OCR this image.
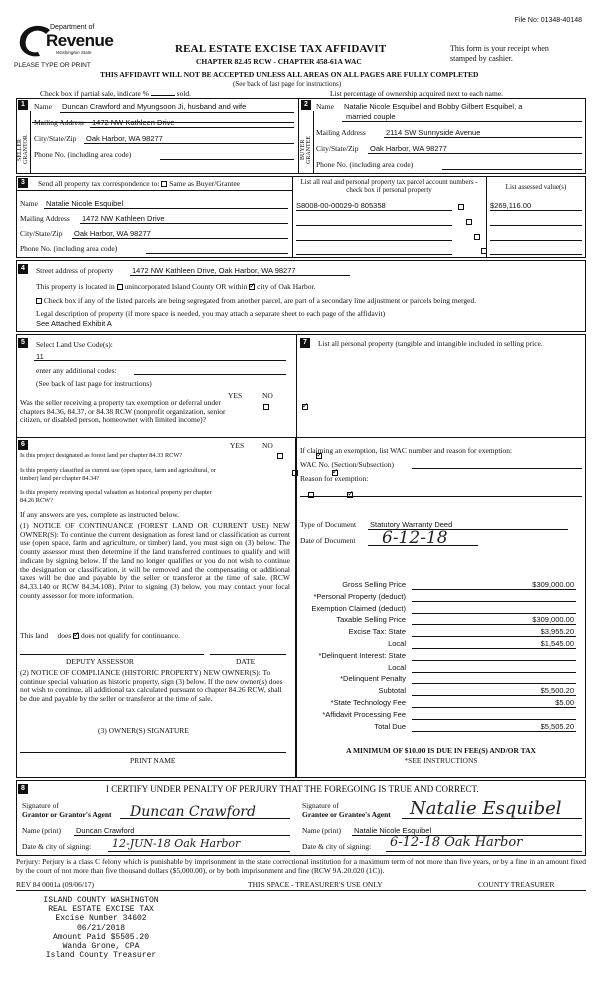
File No: 01348-40148
Department of
Revenue
Washington State
PLEASE TYPE OR PRINT
REAL ESTATE EXCISE TAX AFFIDAVIT
CHAPTER 82.45 RCW - CHAPTER 458-61A WAC
This form is your receipt when stamped by cashier.
THIS AFFIDAVIT WILL NOT BE ACCEPTED UNLESS ALL AREAS ON ALL PAGES ARE FULLY COMPLETED
(See back of last page for instructions)
Check box if partial sale, indicate %	sold.	List percentage of ownership acquired next to each name.
1
SELLER GRANTOR
Name Duncan Crawford and Myungsoon Ji, husband and wife
Mailing Address 1472 NW Kathleen Drive
City/State/Zip Oak Harbor, WA 98277
Phone No. (including area code)
2
BUYER GRANTEE
Name Natalie Nicole Esquibel and Bobby Gilbert Esquibel, a
married couple
Mailing Address	2114 SW Sunnyside Avenue
City/State/Zip Oak Harbor, WA 98277
Phone No. (including area code)
3	Send all property tax correspondence to: Same as Buyer/Grantee
Name Natalie Nicole Esquibel
Mailing Address 1472 NW Kathleen Drive
City/State/Zip Oak Harbor, WA 98277
Phone No. (including area code)
List all real and personal property tax parcel account numbers - check box if personal property	List assessed value(s)
S8008-00-00029-0 805358
	$269,116.00

4	Street address of property 1472 NW Kathleen Drive, Oak Harbor, WA 98277
This property is located in unincorporated Island County OR within ✓ city of Oak Harbor.
Check box if any of the listed parcels are being segregated from another parcel, are part of a secondary line adjustment or parcels being merged.
Legal description of property (if more space is needed, you may attach a separate sheet to each page of the affidavit)
See Attached Exhibit A
5	Select Land Use Code(s):
11
enter any additional codes:
(See back of last page for instructions)
YES	NO
Was the seller receiving a property tax exemption or deferral under chapters 84.36, 84.37, or 84.38 RCW (nonprofit organization, senior citizen, or disabled person, homeowner with limited income)?
✓
7	List all personal property (tangible and intangible included in selling price.
6	YES NO
Is this project designated as forest land per chapter 84.33 RCW?
✓
Is this property classified as current use (open space, farm and agricultural, or timber) land per chapter 84.34?
✓
Is this property receiving special valuation as historical property per chapter 84.26 RCW?
✓
If any answers are yes, complete as instructed below.
(1) NOTICE OF CONTINUANCE (FOREST LAND OR CURRENT USE) NEW OWNER(S): To continue the current designation as forest land or classification as current use (open space, farm and agriculture, or timber) land, you must sign on (3) below. The county assessor must then determine if the land transferred continues to qualify and will indicate by signing below. If the land no longer qualifies or you do not wish to continue the designation or classification, it will be removed and the compensating or additional taxes will be due and payable by the seller or transferor at the time of sale. (RCW 84.33.140 or RCW 84.34.108). Prior to signing (3) below, you may contact your local county assessor for more information.
This land does ✓ does not qualify for continuance.
DEPUTY ASSESSOR	DATE
(2) NOTICE OF COMPLIANCE (HISTORIC PROPERTY) NEW OWNER(S): To continue special valuation as historic property, sign (3) below. If the new owner(s) does not wish to continue, all additional tax calculated pursuant to chapter 84.26 RCW, shall be due and payable by the seller or transferor at the time of sale.
(3) OWNER(S) SIGNATURE
PRINT NAME
If claiming an exemption, list WAC number and reason for exemption:
WAC No. (Section/Subsection)
Reason for exemption:
Type of Document Statutory Warranty Deed
Date of Document 6-12-18
Gross Selling Price	$309,000.00
*Personal Property (deduct)
Exemption Claimed (deduct)
Taxable Selling Price	$309,000.00
Excise Tax: State	$3,955.20
Local	$1,545.00
*Delinquent Interest: State
Local
*Delinquent Penalty
Subtotal	$5,500.20
*State Technology Fee	$5.00
*Affidavit Processing Fee
Total Due	$5,505.20
A MINIMUM OF $10.00 IS DUE IN FEE(S) AND/OR TAX
*SEE INSTRUCTIONS
8	I CERTIFY UNDER PENALTY OF PERJURY THAT THE FOREGOING IS TRUE AND CORRECT.
Signature of
Grantor or Grantor's Agent Duncan Crawford
Name (print) Duncan Crawford
Date & city of signing: 12-JUN-18 Oak Harbor
Signature of
Grantee or Grantee's Agent Natalie Esquibel
Name (print) Natalie Nicole Esquibel
Date & city of signing: 6-12-18 Oak Harbor
Perjury: Perjury is a class C felony which is punishable by imprisonment in the state correctional institution for a maximum term of not more than five years, or by a fine in an amount fixed by the court of not more than five thousand dollars ($5,000.00), or by both imprisonment and fine (RCW 9A.20.020 (1C)).
REV 84 0001a (09/06/17)	THIS SPACE - TREASURER'S USE ONLY	COUNTY TREASURER
ISLAND COUNTY WASHINGTON
REAL ESTATE EXCISE TAX
Excise Number 34602
06/21/2018
Amount Paid $5505.20
Wanda Grone, CPA
Island County Treasurer
